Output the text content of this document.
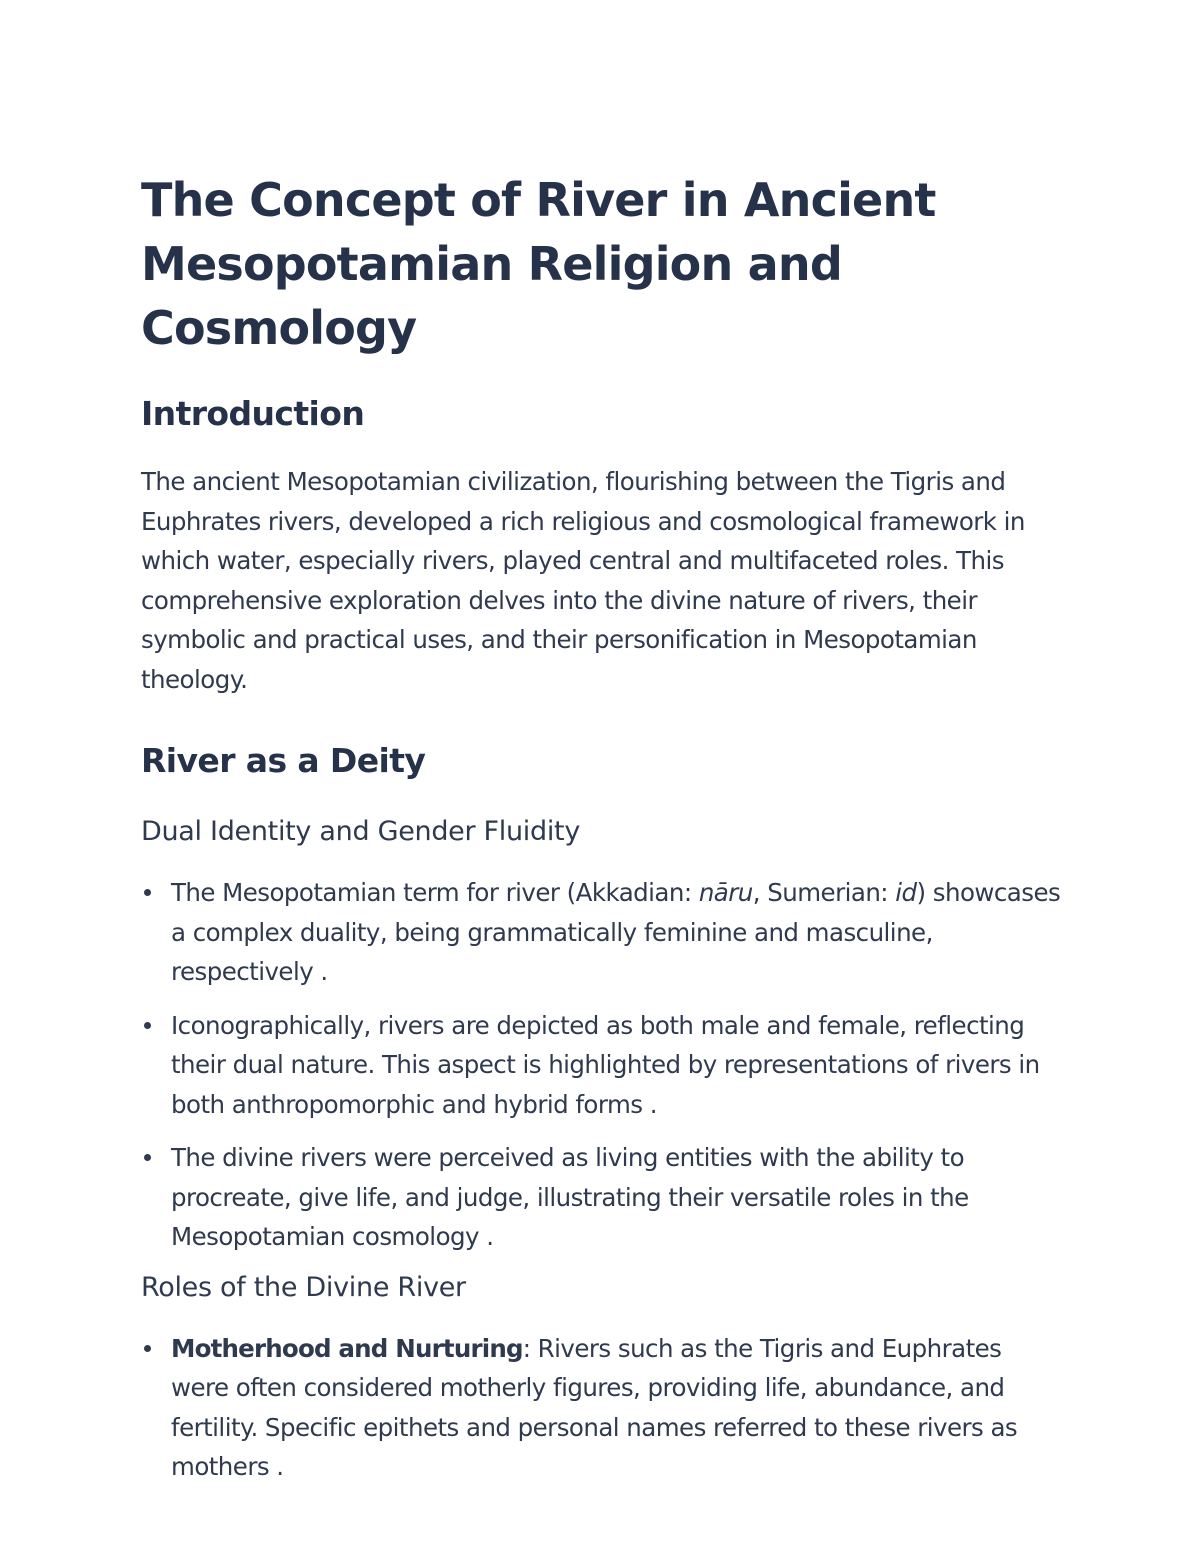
The Concept of River in Ancient
Mesopotamian Religion and Cosmology
Introduction

The ancient Mesopotamian civilization, flourishing between the Tigris and Euphrates rivers, developed a rich religious and cosmological framework in which water, especially rivers, played central and multifaceted roles. This comprehensive exploration delves into the divine nature of rivers, their symbolic and practical uses, and their personification in Mesopotamian theology.

River as a Deity
Dual Identity and Gender Fluidity
The Mesopotamian term for river (Akkadian: nāru, Sumerian: id) showcases a complex duality, being grammatically feminine and masculine, respectively .
Iconographically, rivers are depicted as both male and female, reflecting their dual nature. This aspect is highlighted by representations of rivers in both anthropomorphic and hybrid forms .
The divine rivers were perceived as living entities with the ability to procreate, give life, and judge, illustrating their versatile roles in the Mesopotamian cosmology .
Roles of the Divine River
Motherhood and Nurturing: Rivers such as the Tigris and Euphrates were often considered motherly figures, providing life, abundance, and fertility. Specific epithets and personal names referred to these rivers as mothers .
